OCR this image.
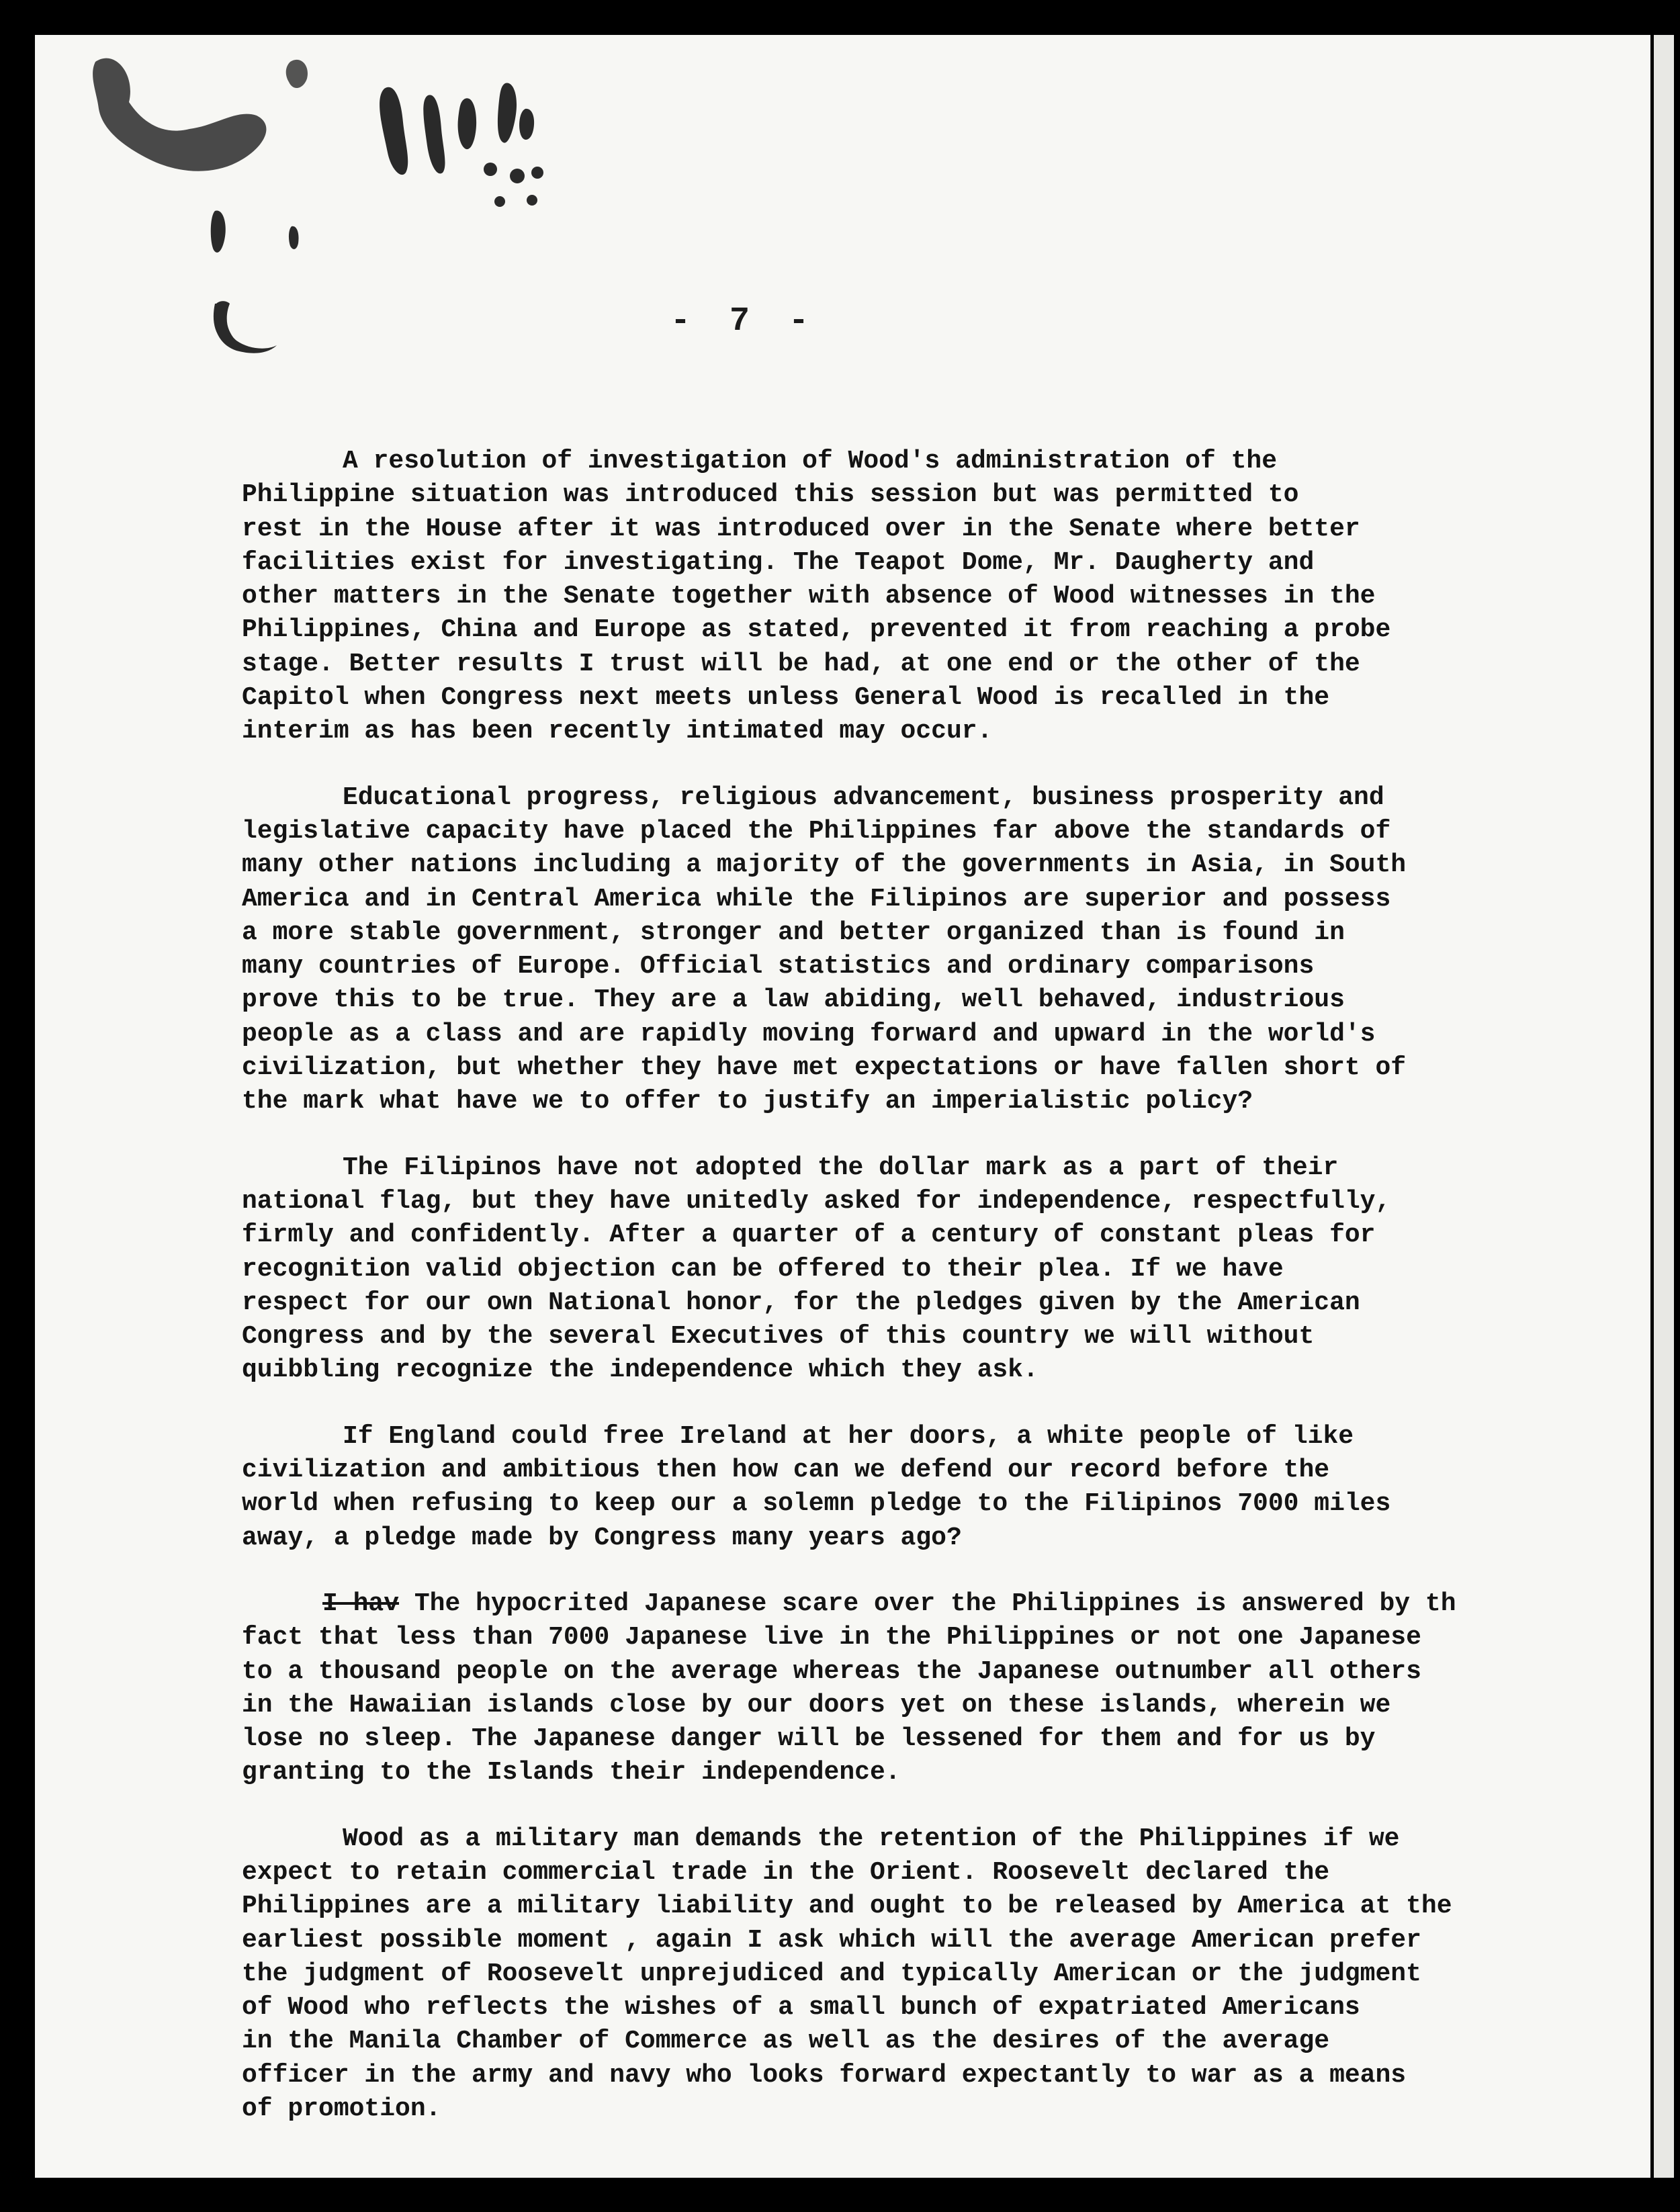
- 7 -
A resolution of investigation of Wood's administration of the
Philippine situation was introduced this session but was permitted to
rest in the House after it was introduced over in the Senate where better
facilities exist for investigating. The Teapot Dome, Mr. Daugherty and
other matters in the Senate together with absence of Wood witnesses in the
Philippines, China and Europe as stated, prevented it from reaching a probe
stage. Better results I trust will be had, at one end or the other of the
Capitol when Congress next meets unless General Wood is recalled in the
interim as has been recently intimated may occur.
Educational progress, religious advancement, business prosperity and
legislative capacity have placed the Philippines far above the standards of
many other nations including a majority of the governments in Asia, in South
America and in Central America while the Filipinos are superior and possess
a more stable government, stronger and better organized than is found in
many countries of Europe. Official statistics and ordinary comparisons
prove this to be true. They are a law abiding, well behaved, industrious
people as a class and are rapidly moving forward and upward in the world's
civilization, but whether they have met expectations or have fallen short of
the mark what have we to offer to justify an imperialistic policy?
The Filipinos have not adopted the dollar mark as a part of their
national flag, but they have unitedly asked for independence, respectfully,
firmly and confidently. After a quarter of a century of constant pleas for
recognition valid objection can be offered to their plea. If we have
respect for our own National honor, for the pledges given by the American
Congress and by the several Executives of this country we will without
quibbling recognize the independence which they ask.
If England could free Ireland at her doors, a white people of like
civilization and ambitious then how can we defend our record before the
world when refusing to keep our a solemn pledge to the Filipinos 7000 miles
away, a pledge made by Congress many years ago?
I hav The hypocrited Japanese scare over the Philippines is answered by th
fact that less than 7000 Japanese live in the Philippines or not one Japanese
to a thousand people on the average whereas the Japanese outnumber all others
in the Hawaiian islands close by our doors yet on these islands, wherein we
lose no sleep. The Japanese danger will be lessened for them and for us by
granting to the Islands their independence.
Wood as a military man demands the retention of the Philippines if we
expect to retain commercial trade in the Orient. Roosevelt declared the
Philippines are a military liability and ought to be released by America at the
earliest possible moment , again I ask which will the average American prefer
the judgment of Roosevelt unprejudiced and typically American or the judgment
of Wood who reflects the wishes of a small bunch of expatriated Americans
in the Manila Chamber of Commerce as well as the desires of the average
officer in the army and navy who looks forward expectantly to war as a means
of promotion.
